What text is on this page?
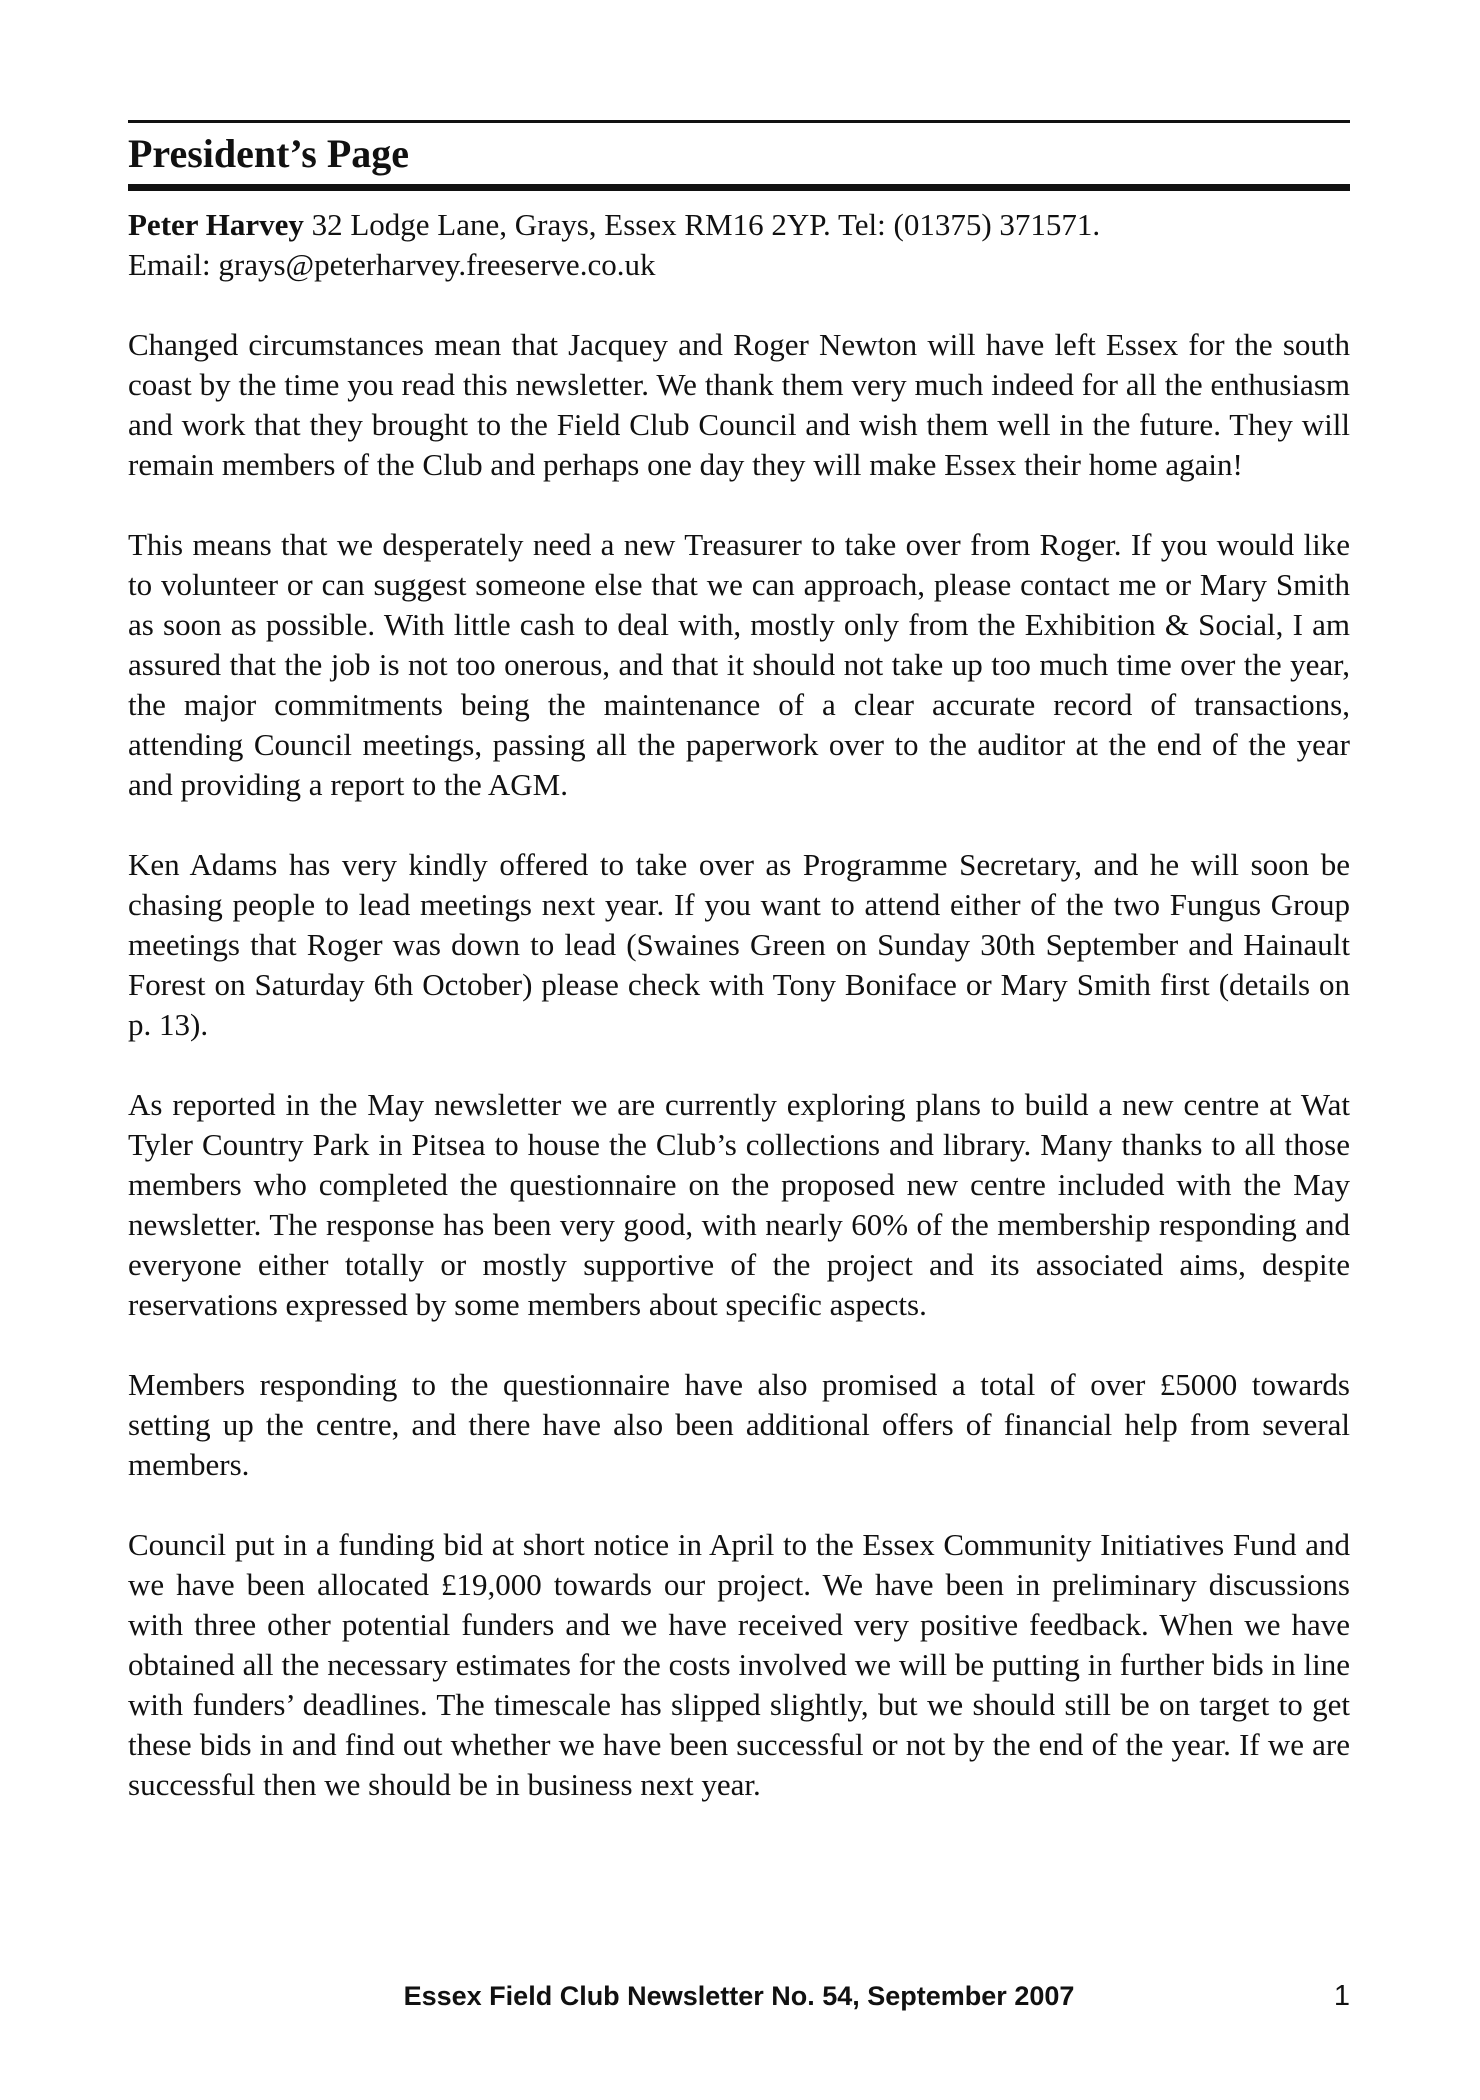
President’s Page
Peter Harvey 32 Lodge Lane, Grays, Essex RM16 2YP. Tel: (01375) 371571.
Email: grays@peterharvey.freeserve.co.uk

Changed circumstances mean that Jacquey and Roger Newton will have left Essex for the south coast by the time you read this newsletter. We thank them very much indeed for all the enthusiasm and work that they brought to the Field Club Council and wish them well in the future. They will remain members of the Club and perhaps one day they will make Essex their home again!

This means that we desperately need a new Treasurer to take over from Roger. If you would like to volunteer or can suggest someone else that we can approach, please contact me or Mary Smith as soon as possible. With little cash to deal with, mostly only from the Exhibition & Social, I am assured that the job is not too onerous, and that it should not take up too much time over the year, the major commitments being the maintenance of a clear accurate record of transactions, attending Council meetings, passing all the paperwork over to the auditor at the end of the year and providing a report to the AGM.

Ken Adams has very kindly offered to take over as Programme Secretary, and he will soon be chasing people to lead meetings next year. If you want to attend either of the two Fungus Group meetings that Roger was down to lead (Swaines Green on Sunday 30th September and Hainault Forest on Saturday 6th October) please check with Tony Boniface or Mary Smith first (details on p. 13).

As reported in the May newsletter we are currently exploring plans to build a new centre at Wat Tyler Country Park in Pitsea to house the Club’s collections and library. Many thanks to all those members who completed the questionnaire on the proposed new centre included with the May newsletter. The response has been very good, with nearly 60% of the membership responding and everyone either totally or mostly supportive of the project and its associated aims, despite reservations expressed by some members about specific aspects.

Members responding to the questionnaire have also promised a total of over £5000 towards setting up the centre, and there have also been additional offers of financial help from several members.

Council put in a funding bid at short notice in April to the Essex Community Initiatives Fund and we have been allocated £19,000 towards our project. We have been in preliminary discussions with three other potential funders and we have received very positive feedback. When we have obtained all the necessary estimates for the costs involved we will be putting in further bids in line with funders’ deadlines. The timescale has slipped slightly, but we should still be on target to get these bids in and find out whether we have been successful or not by the end of the year. If we are successful then we should be in business next year.

Essex Field Club Newsletter No. 54, September 2007	1
